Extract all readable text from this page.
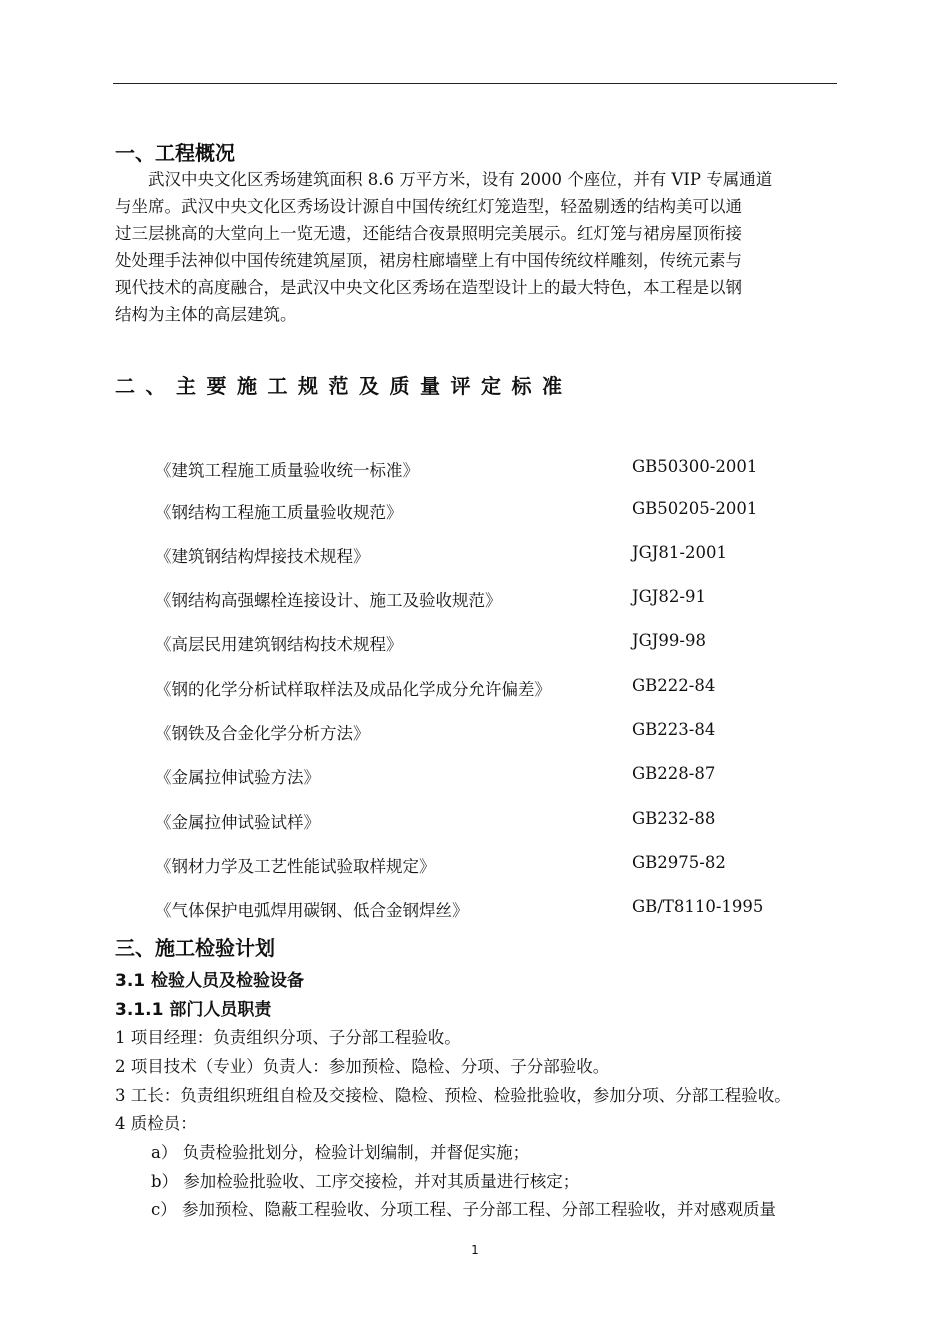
一、工程概况
　　武汉中央文化区秀场建筑面积 8.6 万平方米，设有 2000 个座位，并有 VIP 专属通道
与坐席。武汉中央文化区秀场设计源自中国传统红灯笼造型，轻盈剔透的结构美可以通
过三层挑高的大堂向上一览无遗，还能结合夜景照明完美展示。红灯笼与裙房屋顶衔接
处处理手法神似中国传统建筑屋顶，裙房柱廊墙壁上有中国传统纹样雕刻，传统元素与
现代技术的高度融合，是武汉中央文化区秀场在造型设计上的最大特色，本工程是以钢
结构为主体的高层建筑。
二、主要施工规范及质量评定标准
《建筑工程施工质量验收统一标准》	GB50300-2001
《钢结构工程施工质量验收规范》	GB50205-2001
《建筑钢结构焊接技术规程》	JGJ81-2001
《钢结构高强螺栓连接设计、施工及验收规范》	JGJ82-91
《高层民用建筑钢结构技术规程》	JGJ99-98
《钢的化学分析试样取样法及成品化学成分允许偏差》	GB222-84
《钢铁及合金化学分析方法》	GB223-84
《金属拉伸试验方法》	GB228-87
《金属拉伸试验试样》	GB232-88
《钢材力学及工艺性能试验取样规定》	GB2975-82
《气体保护电弧焊用碳钢、低合金钢焊丝》	GB/T8110-1995
三、施工检验计划
3.1 检验人员及检验设备
3.1.1 部门人员职责
1 项目经理：负责组织分项、子分部工程验收。
2 项目技术（专业）负责人：参加预检、隐检、分项、子分部验收。
3 工长：负责组织班组自检及交接检、隐检、预检、检验批验收，参加分项、分部工程验收。
4 质检员：
a） 负责检验批划分，检验计划编制，并督促实施；
b） 参加检验批验收、工序交接检，并对其质量进行核定；
c） 参加预检、隐蔽工程验收、分项工程、子分部工程、分部工程验收，并对感观质量
1
